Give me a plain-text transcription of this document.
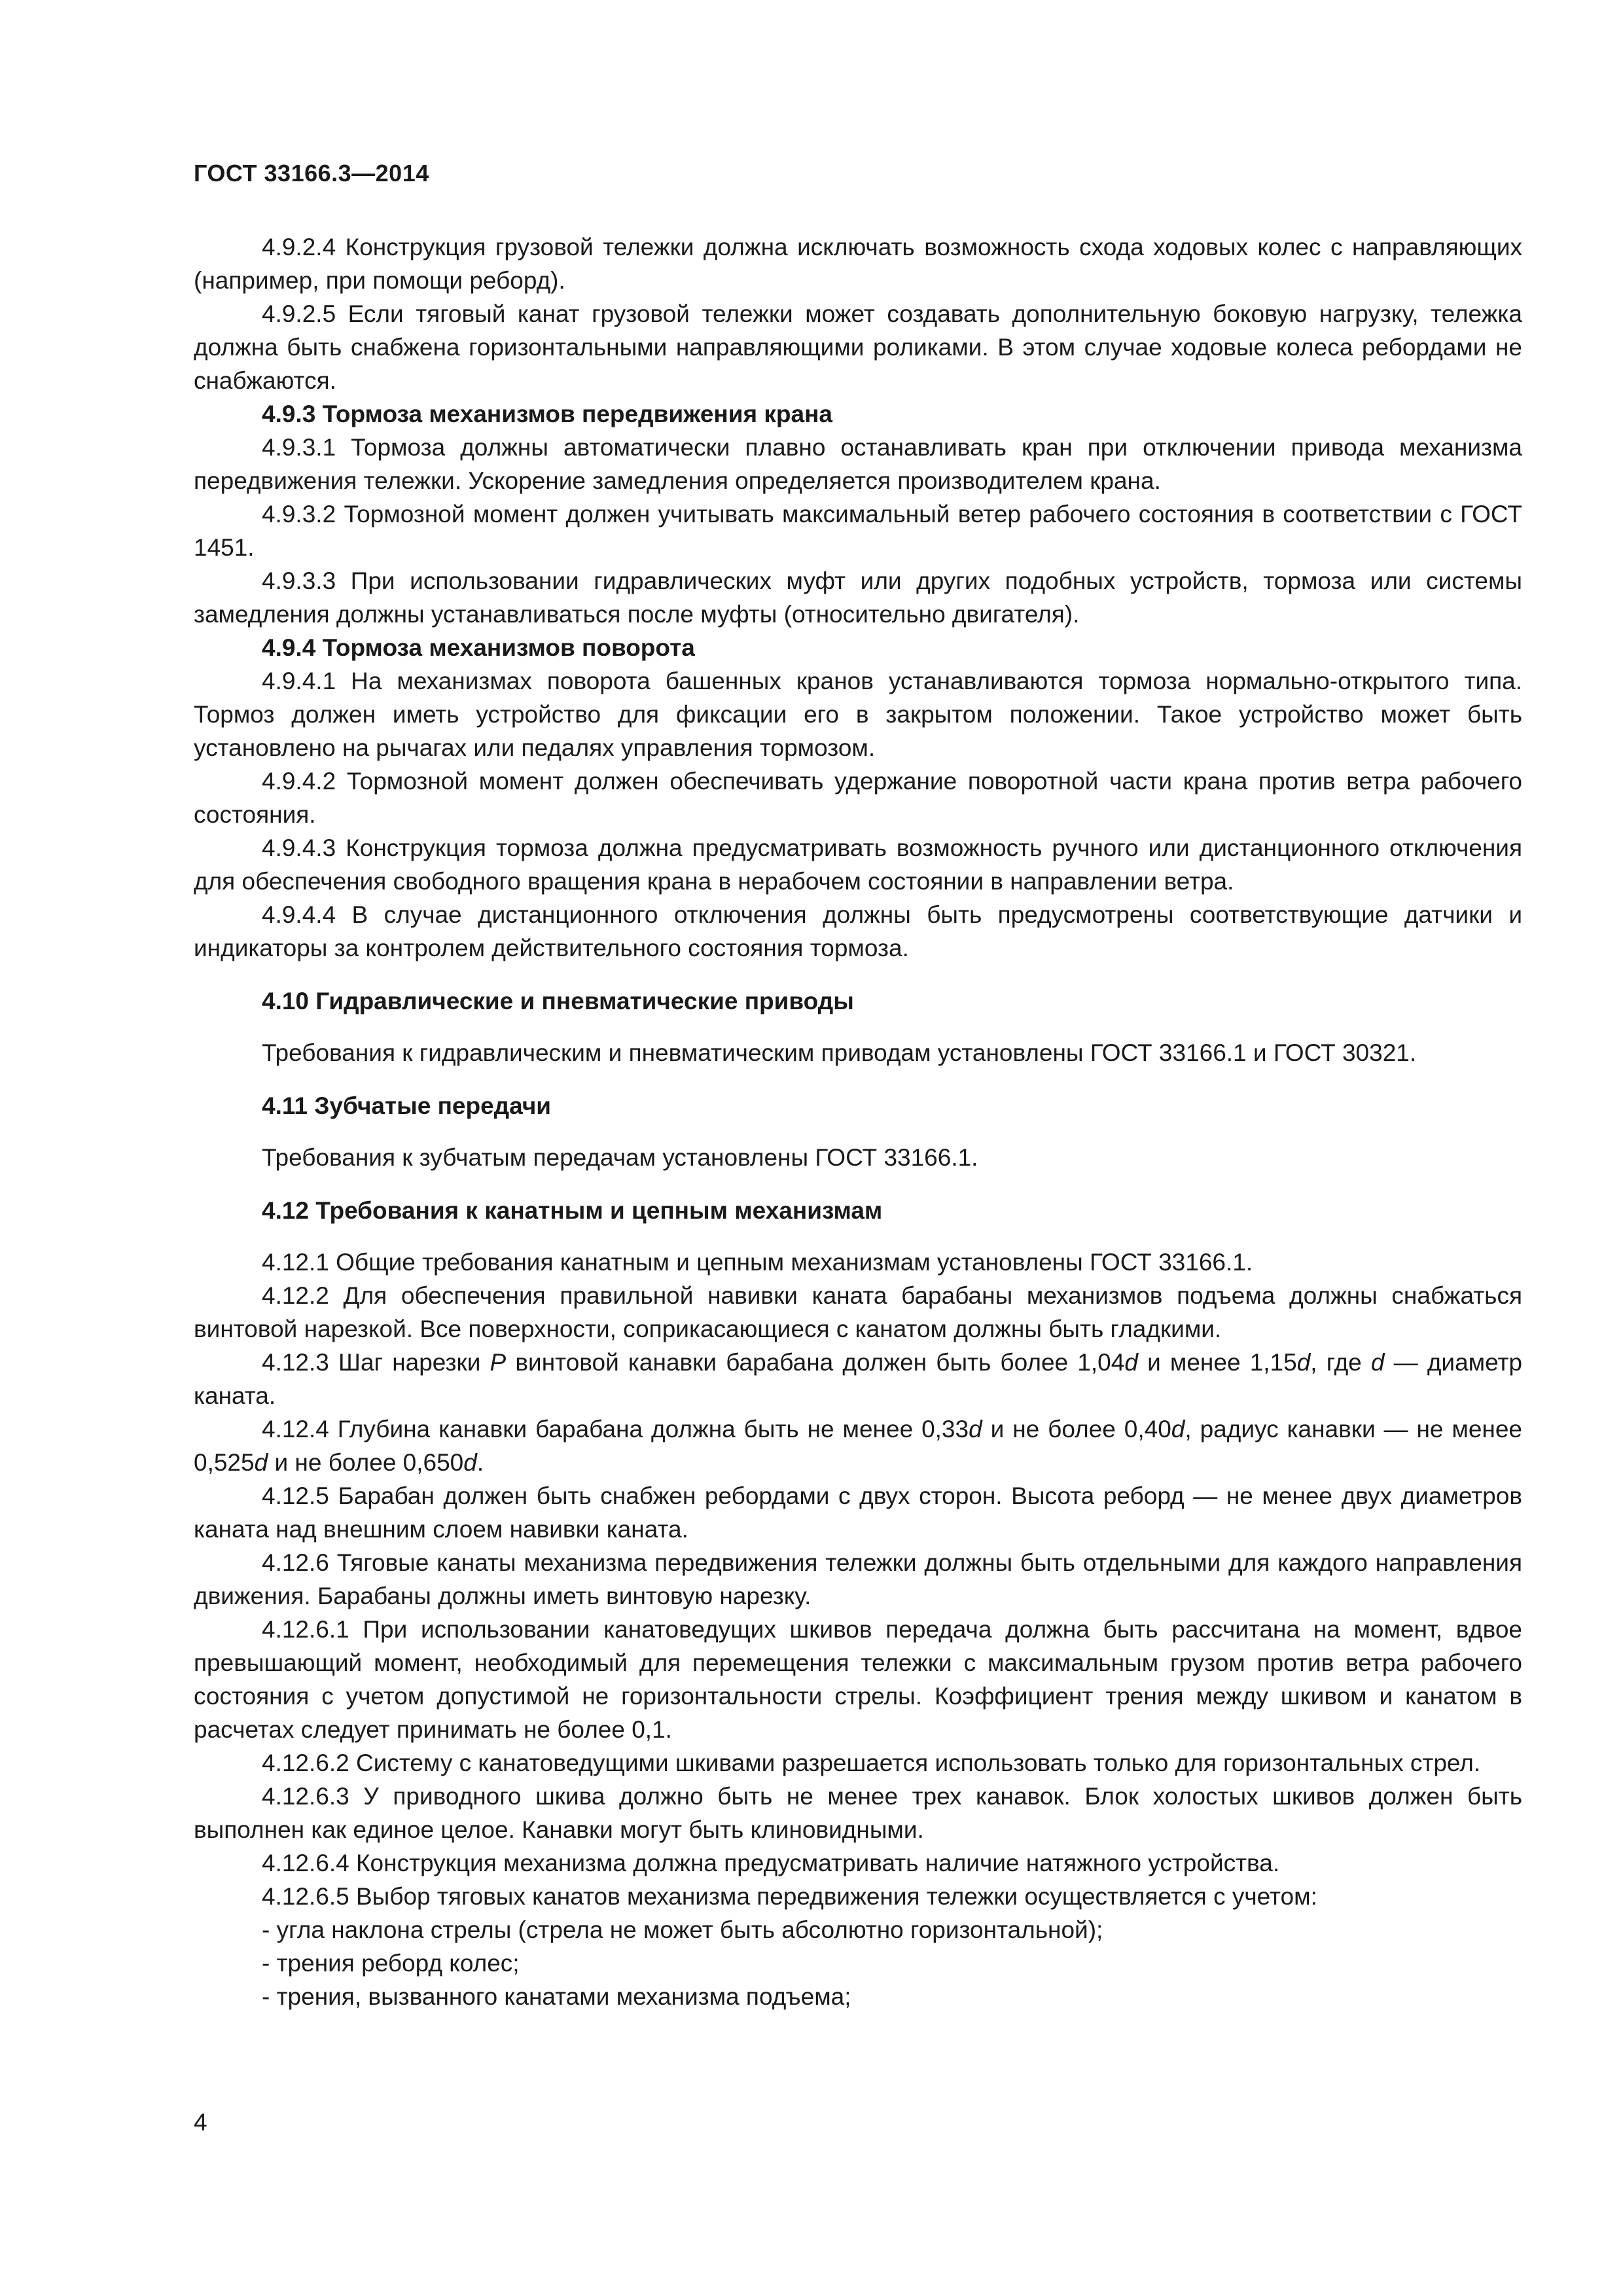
ГОСТ 33166.3—2014

4.9.2.4 Конструкция грузовой тележки должна исключать возможность схода ходовых колес с направляющих (например, при помощи реборд).

4.9.2.5 Если тяговый канат грузовой тележки может создавать дополнительную боковую нагрузку, тележка должна быть снабжена горизонтальными направляющими роликами. В этом случае ходовые колеса ребордами не снабжаются.

4.9.3 Тормоза механизмов передвижения крана

4.9.3.1 Тормоза должны автоматически плавно останавливать кран при отключении привода механизма передвижения тележки. Ускорение замедления определяется производителем крана.

4.9.3.2 Тормозной момент должен учитывать максимальный ветер рабочего состояния в соответствии с ГОСТ 1451.

4.9.3.3 При использовании гидравлических муфт или других подобных устройств, тормоза или системы замедления должны устанавливаться после муфты (относительно двигателя).

4.9.4 Тормоза механизмов поворота

4.9.4.1 На механизмах поворота башенных кранов устанавливаются тормоза нормально-открытого типа. Тормоз должен иметь устройство для фиксации его в закрытом положении. Такое устройство может быть установлено на рычагах или педалях управления тормозом.

4.9.4.2 Тормозной момент должен обеспечивать удержание поворотной части крана против ветра рабочего состояния.

4.9.4.3 Конструкция тормоза должна предусматривать возможность ручного или дистанционного отключения для обеспечения свободного вращения крана в нерабочем состоянии в направлении ветра.

4.9.4.4 В случае дистанционного отключения должны быть предусмотрены соответствующие датчики и индикаторы за контролем действительного состояния тормоза.

4.10 Гидравлические и пневматические приводы

Требования к гидравлическим и пневматическим приводам установлены ГОСТ 33166.1 и ГОСТ 30321.

4.11 Зубчатые передачи

Требования к зубчатым передачам установлены ГОСТ 33166.1.

4.12 Требования к канатным и цепным механизмам

4.12.1 Общие требования канатным и цепным механизмам установлены ГОСТ 33166.1.

4.12.2 Для обеспечения правильной навивки каната барабаны механизмов подъема должны снабжаться винтовой нарезкой. Все поверхности, соприкасающиеся с канатом должны быть гладкими.

4.12.3 Шаг нарезки P винтовой канавки барабана должен быть более 1,04d и менее 1,15d, где d — диаметр каната.

4.12.4 Глубина канавки барабана должна быть не менее 0,33d и не более 0,40d, радиус канавки — не менее 0,525d и не более 0,650d.

4.12.5 Барабан должен быть снабжен ребордами с двух сторон. Высота реборд — не менее двух диаметров каната над внешним слоем навивки каната.

4.12.6 Тяговые канаты механизма передвижения тележки должны быть отдельными для каждого направления движения. Барабаны должны иметь винтовую нарезку.

4.12.6.1 При использовании канатоведущих шкивов передача должна быть рассчитана на момент, вдвое превышающий момент, необходимый для перемещения тележки с максимальным грузом против ветра рабочего состояния с учетом допустимой не горизонтальности стрелы. Коэффициент трения между шкивом и канатом в расчетах следует принимать не более 0,1.

4.12.6.2 Систему с канатоведущими шкивами разрешается использовать только для горизонтальных стрел.

4.12.6.3 У приводного шкива должно быть не менее трех канавок. Блок холостых шкивов должен быть выполнен как единое целое. Канавки могут быть клиновидными.

4.12.6.4 Конструкция механизма должна предусматривать наличие натяжного устройства.

4.12.6.5 Выбор тяговых канатов механизма передвижения тележки осуществляется с учетом:

- угла наклона стрелы (стрела не может быть абсолютно горизонтальной);
- трения реборд колес;
- трения, вызванного канатами механизма подъема;
4
